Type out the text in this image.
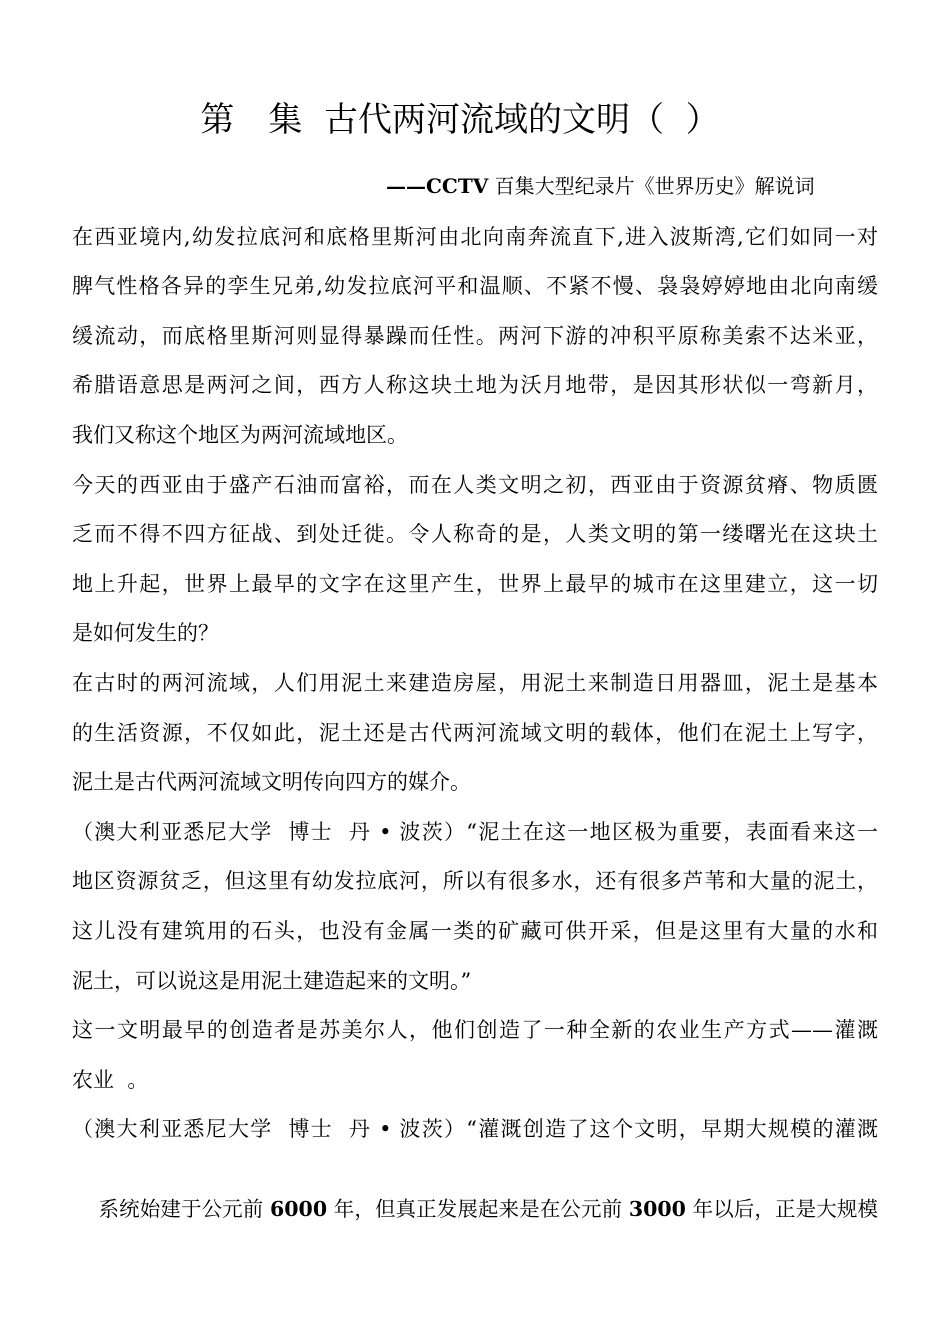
第　集  古代两河流域的文明（  ）
——CCTV 百集大型纪录片《世界历史》解说词
在西亚境内,幼发拉底河和底格里斯河由北向南奔流直下,进入波斯湾,它们如同一对
脾气性格各异的孪生兄弟,幼发拉底河平和温顺、不紧不慢、袅袅婷婷地由北向南缓
缓流动，而底格里斯河则显得暴躁而任性。两河下游的冲积平原称美索不达米亚，
希腊语意思是两河之间，西方人称这块土地为沃月地带，是因其形状似一弯新月，
我们又称这个地区为两河流域地区。
今天的西亚由于盛产石油而富裕，而在人类文明之初，西亚由于资源贫瘠、物质匮
乏而不得不四方征战、到处迁徙。令人称奇的是，人类文明的第一缕曙光在这块土
地上升起，世界上最早的文字在这里产生，世界上最早的城市在这里建立，这一切
是如何发生的？
在古时的两河流域，人们用泥土来建造房屋，用泥土来制造日用器皿，泥土是基本
的生活资源，不仅如此，泥土还是古代两河流域文明的载体，他们在泥土上写字，
泥土是古代两河流域文明传向四方的媒介。
（澳大利亚悉尼大学  博士  丹 • 波茨）“泥土在这一地区极为重要，表面看来这一
地区资源贫乏，但这里有幼发拉底河，所以有很多水，还有很多芦苇和大量的泥土，
这儿没有建筑用的石头，也没有金属一类的矿藏可供开采，但是这里有大量的水和
泥土，可以说这是用泥土建造起来的文明。”
这一文明最早的创造者是苏美尔人，他们创造了一种全新的农业生产方式——灌溉
农业  。
（澳大利亚悉尼大学  博士  丹 • 波茨）“灌溉创造了这个文明，早期大规模的灌溉

系统始建于公元前 6000 年，但真正发展起来是在公元前 3000 年以后，正是大规模
